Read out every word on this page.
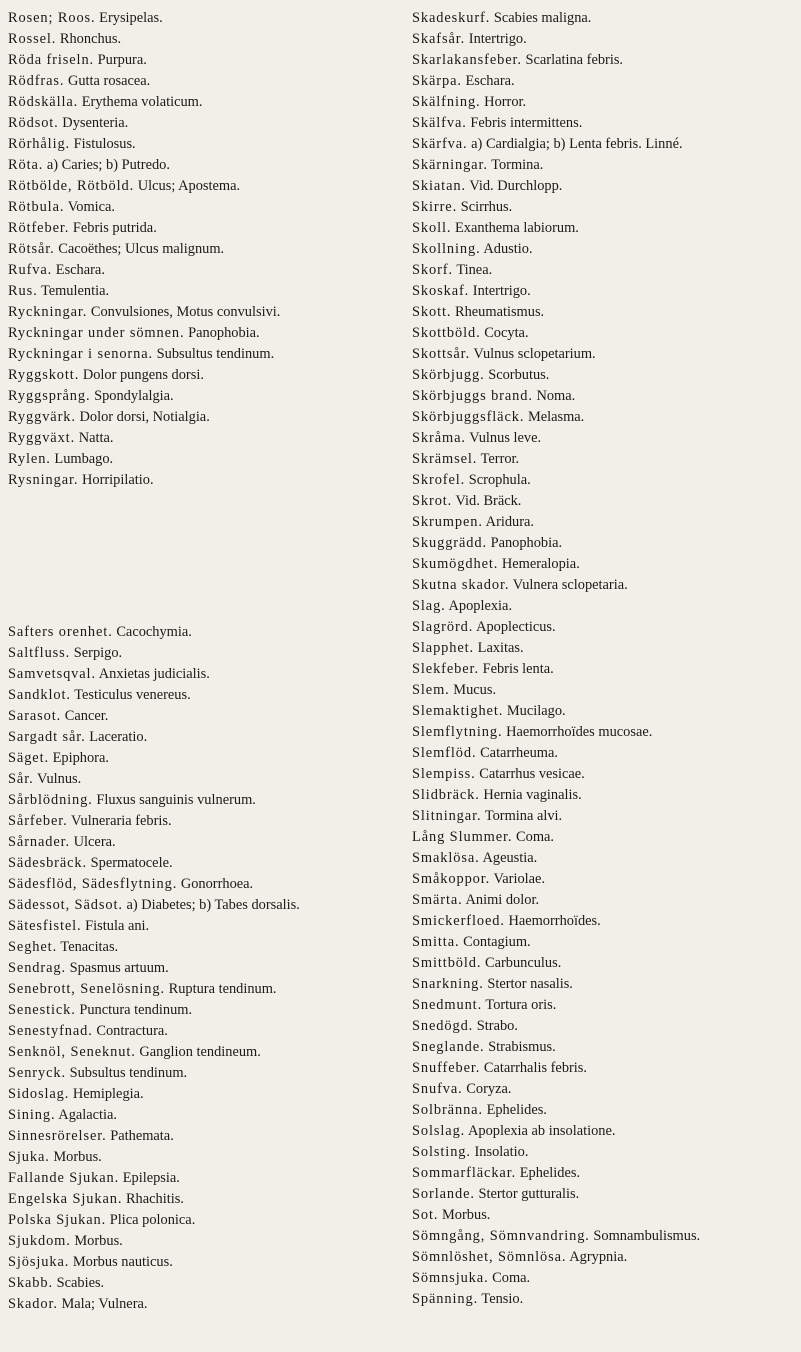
Rosen; Roos. Erysipelas.
Rossel. Rhonchus.
Röda friseln. Purpura.
Rödfras. Gutta rosacea.
Rödskälla. Erythema volaticum.
Rödsot. Dysenteria.
Rörhålig. Fistulosus.
Röta. a) Caries; b) Putredo.
Rötbölde, Rötböld. Ulcus; Apostema.
Rötbula. Vomica.
Rötfeber. Febris putrida.
Rötsår. Cacoëthes; Ulcus malignum.
Rufva. Eschara.
Rus. Temulentia.
Ryckningar. Convulsiones, Motus convulsivi.
Ryckningar under sömnen. Panophobia.
Ryckningar i senorna. Subsultus tendinum.
Ryggskott. Dolor pungens dorsi.
Ryggsprång. Spondylalgia.
Ryggvärk. Dolor dorsi, Notialgia.
Ryggväxt. Natta.
Rylen. Lumbago.
Rysningar. Horripilatio.
Safters orenhet. Cacochymia.
Saltfluss. Serpigo.
Samvetsqval. Anxietas judicialis.
Sandklot. Testiculus venereus.
Sarasot. Cancer.
Sargadt sår. Laceratio.
Säget. Epiphora.
Sår. Vulnus.
Sårblödning. Fluxus sanguinis vulnerum.
Sårfeber. Vulneraria febris.
Sårnader. Ulcera.
Sädesbräck. Spermatocele.
Sädesflöd, Sädesflytning. Gonorrhoea.
Sädessot, Sädsot. a) Diabetes; b) Tabes dorsalis.
Sätesfistel. Fistula ani.
Seghet. Tenacitas.
Sendrag. Spasmus artuum.
Senebrott, Senelösning. Ruptura tendinum.
Senestick. Punctura tendinum.
Senestyfnad. Contractura.
Senknöl, Seneknut. Ganglion tendineum.
Senryck. Subsultus tendinum.
Sidoslag. Hemiplegia.
Sining. Agalactia.
Sinnesrörelser. Pathemata.
Sjuka. Morbus.
Fallande Sjukan. Epilepsia.
Engelska Sjukan. Rhachitis.
Polska Sjukan. Plica polonica.
Sjukdom. Morbus.
Sjösjuka. Morbus nauticus.
Skabb. Scabies.
Skador. Mala; Vulnera.
Skadeskurf. Scabies maligna.
Skafsår. Intertrigo.
Skarlakansfeber. Scarlatina febris.
Skärpa. Eschara.
Skälfning. Horror.
Skälfva. Febris intermittens.
Skärfva. a) Cardialgia; b) Lenta febris. Linné.
Skärningar. Tormina.
Skiatan. Vid. Durchlopp.
Skirre. Scirrhus.
Skoll. Exanthema labiorum.
Skollning. Adustio.
Skorf. Tinea.
Skoskaf. Intertrigo.
Skott. Rheumatismus.
Skottböld. Cocyta.
Skottsår. Vulnus sclopetarium.
Skörbjugg. Scorbutus.
Skörbjuggs brand. Noma.
Skörbjuggsfläck. Melasma.
Skråma. Vulnus leve.
Skrämsel. Terror.
Skrofel. Scrophula.
Skrot. Vid. Bräck.
Skrumpen. Aridura.
Skuggrädd. Panophobia.
Skumögdhet. Hemeralopia.
Skutna skador. Vulnera sclopetaria.
Slag. Apoplexia.
Slagrörd. Apoplecticus.
Slapphet. Laxitas.
Slekfeber. Febris lenta.
Slem. Mucus.
Slemaktighet. Mucilago.
Slemflytning. Haemorrhoïdes mucosae.
Slemflöd. Catarrheuma.
Slempiss. Catarrhus vesicae.
Slidbräck. Hernia vaginalis.
Slitningar. Tormina alvi.
Lång Slummer. Coma.
Smaklösa. Ageustia.
Småkoppor. Variolae.
Smärta. Animi dolor.
Smickerfloed. Haemorrhoïdes.
Smitta. Contagium.
Smittböld. Carbunculus.
Snarkning. Stertor nasalis.
Snedmunt. Tortura oris.
Snedögd. Strabo.
Sneglande. Strabismus.
Snuffeber. Catarrhalis febris.
Snufva. Coryza.
Solbränna. Ephelides.
Solslag. Apoplexia ab insolatione.
Solsting. Insolatio.
Sommarfläckar. Ephelides.
Sorlande. Stertor gutturalis.
Sot. Morbus.
Sömngång, Sömnvandring. Somnambulismus.
Sömnlöshet, Sömnlösa. Agrypnia.
Sömnsjuka. Coma.
Spänning. Tensio.
